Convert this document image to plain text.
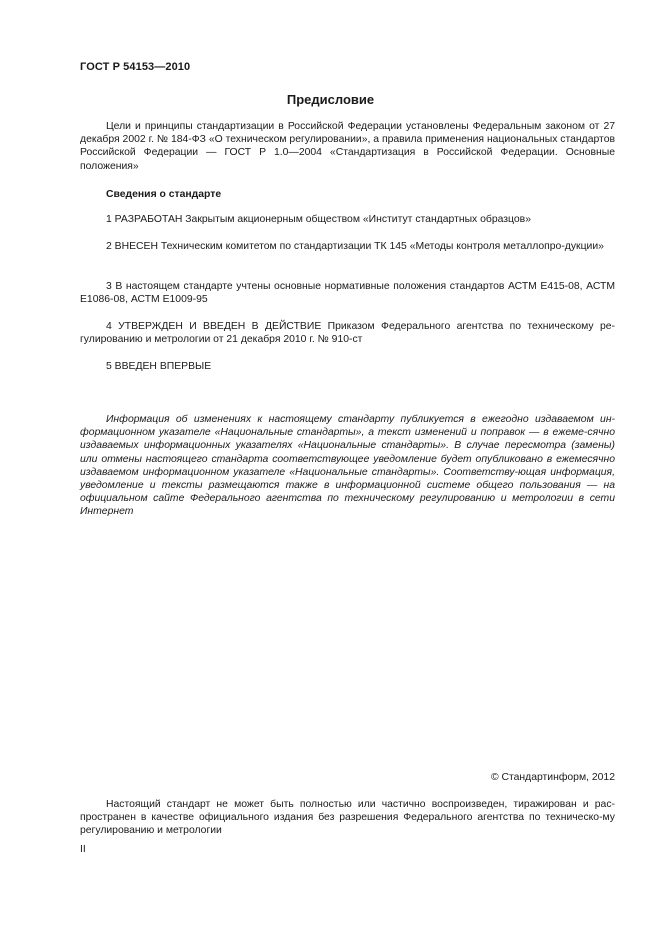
ГОСТ Р 54153—2010
Предисловие

Цели и принципы стандартизации в Российской Федерации установлены Федеральным законом от 27 декабря 2002 г. № 184-ФЗ «О техническом регулировании», а правила применения национальных стандартов Российской Федерации — ГОСТ Р 1.0—2004 «Стандартизация в Российской Федерации. Основные положения»

Сведения о стандарте

1 РАЗРАБОТАН Закрытым акционерным обществом «Институт стандартных образцов»

2 ВНЕСЕН Техническим комитетом по стандартизации ТК 145 «Методы контроля металлопро-дукции»

3 В настоящем стандарте учтены основные нормативные положения стандартов АСТМ Е415-08, АСТМ Е1086-08, АСТМ Е1009-95

4 УТВЕРЖДЕН И ВВЕДЕН В ДЕЙСТВИЕ Приказом Федерального агентства по техническому ре-гулированию и метрологии от 21 декабря 2010 г. № 910-ст

5 ВВЕДЕН ВПЕРВЫЕ

Информация об изменениях к настоящему стандарту публикуется в ежегодно издаваемом ин-формационном указателе «Национальные стандарты», а текст изменений и поправок — в ежеме-сячно издаваемых информационных указателях «Национальные стандарты». В случае пересмотра (замены) или отмены настоящего стандарта соответствующее уведомление будет опубликовано в ежемесячно издаваемом информационном указателе «Национальные стандарты». Соответству-ющая информация, уведомление и тексты размещаются также в информационной системе общего пользования — на официальном сайте Федерального агентства по техническому регулированию и метрологии в сети Интернет

© Стандартинформ, 2012

Настоящий стандарт не может быть полностью или частично воспроизведен, тиражирован и рас-пространен в качестве официального издания без разрешения Федерального агентства по техническо-му регулированию и метрологии

II
